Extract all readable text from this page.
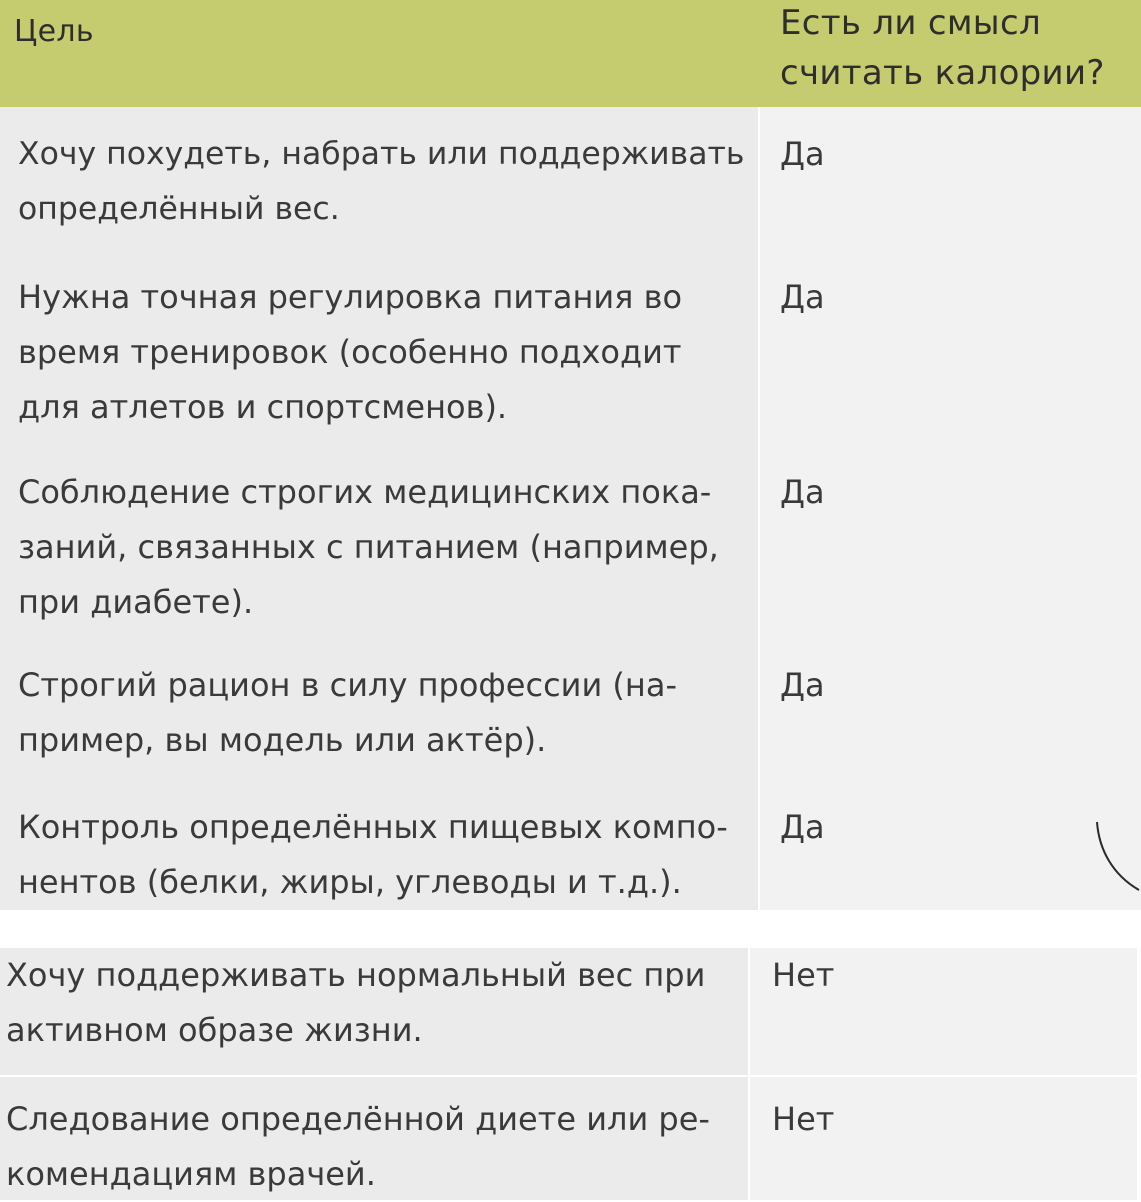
Цель	Есть ли смысл
считать калории?
Хочу похудеть, набрать или поддерживать
определённый вес.
Да
Нужна точная регулировка питания во
время тренировок (особенно подходит
для атлетов и спортсменов).
Да
Соблюдение строгих медицинских пока-
заний, связанных с питанием (например,
при диабете).
Да
Строгий рацион в силу профессии (на-
пример, вы модель или актёр).
Да
Контроль определённых пищевых компо-
нентов (белки, жиры, углеводы и т.д.).
Да
Хочу поддерживать нормальный вес при
активном образе жизни.
Нет
Следование определённой диете или ре-
комендациям врачей.
Нет
